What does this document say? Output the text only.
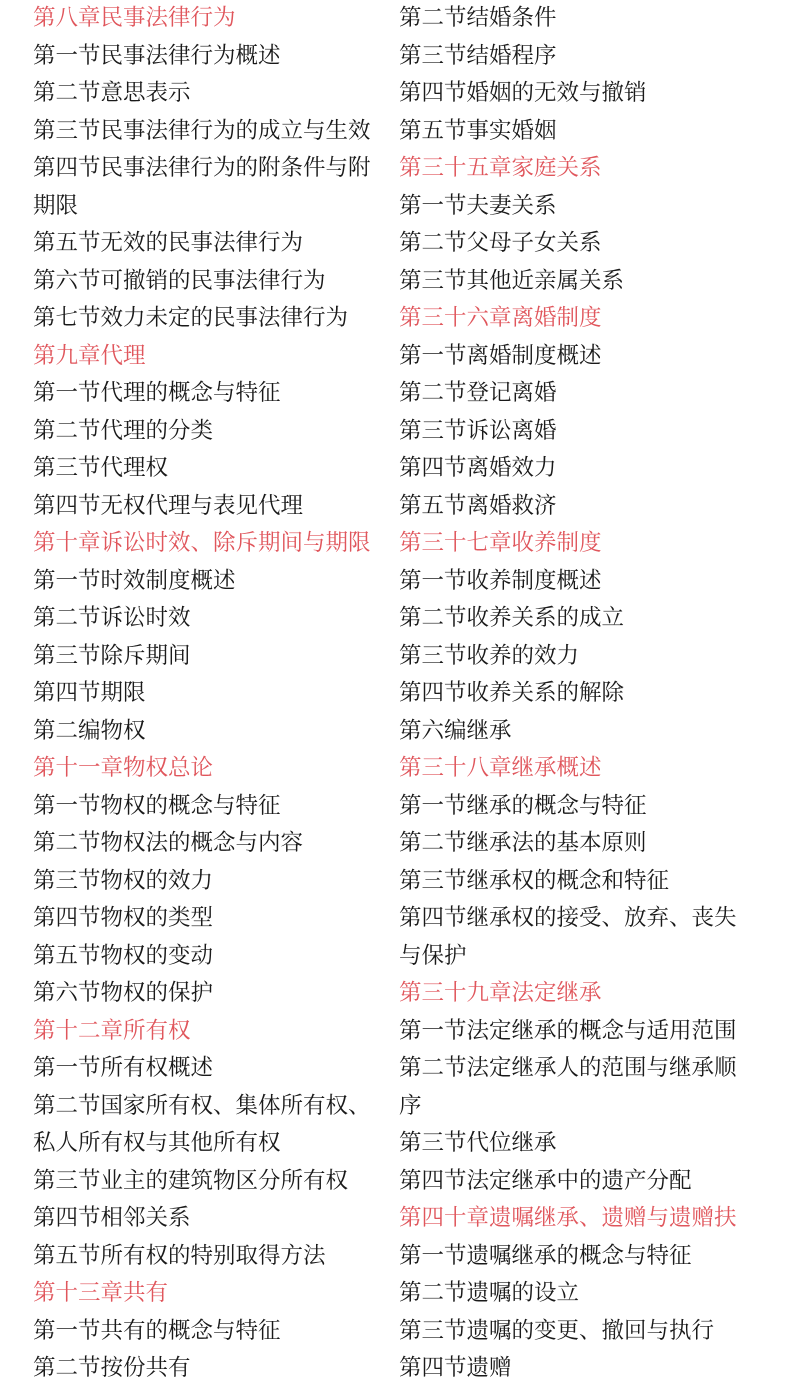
第八章民事法律行为
第一节民事法律行为概述
第二节意思表示
第三节民事法律行为的成立与生效
第四节民事法律行为的附条件与附
期限
第五节无效的民事法律行为
第六节可撤销的民事法律行为
第七节效力未定的民事法律行为
第九章代理
第一节代理的概念与特征
第二节代理的分类
第三节代理权
第四节无权代理与表见代理
第十章诉讼时效、除斥期间与期限
第一节时效制度概述
第二节诉讼时效
第三节除斥期间
第四节期限
第二编物权
第十一章物权总论
第一节物权的概念与特征
第二节物权法的概念与内容
第三节物权的效力
第四节物权的类型
第五节物权的变动
第六节物权的保护
第十二章所有权
第一节所有权概述
第二节国家所有权、集体所有权、
私人所有权与其他所有权
第三节业主的建筑物区分所有权
第四节相邻关系
第五节所有权的特别取得方法
第十三章共有
第一节共有的概念与特征
第二节按份共有
第二节结婚条件
第三节结婚程序
第四节婚姻的无效与撤销
第五节事实婚姻
第三十五章家庭关系
第一节夫妻关系
第二节父母子女关系
第三节其他近亲属关系
第三十六章离婚制度
第一节离婚制度概述
第二节登记离婚
第三节诉讼离婚
第四节离婚效力
第五节离婚救济
第三十七章收养制度
第一节收养制度概述
第二节收养关系的成立
第三节收养的效力
第四节收养关系的解除
第六编继承
第三十八章继承概述
第一节继承的概念与特征
第二节继承法的基本原则
第三节继承权的概念和特征
第四节继承权的接受、放弃、丧失
与保护
第三十九章法定继承
第一节法定继承的概念与适用范围
第二节法定继承人的范围与继承顺
序
第三节代位继承
第四节法定继承中的遗产分配
第四十章遗嘱继承、遗赠与遗赠扶
第一节遗嘱继承的概念与特征
第二节遗嘱的设立
第三节遗嘱的变更、撤回与执行
第四节遗赠
